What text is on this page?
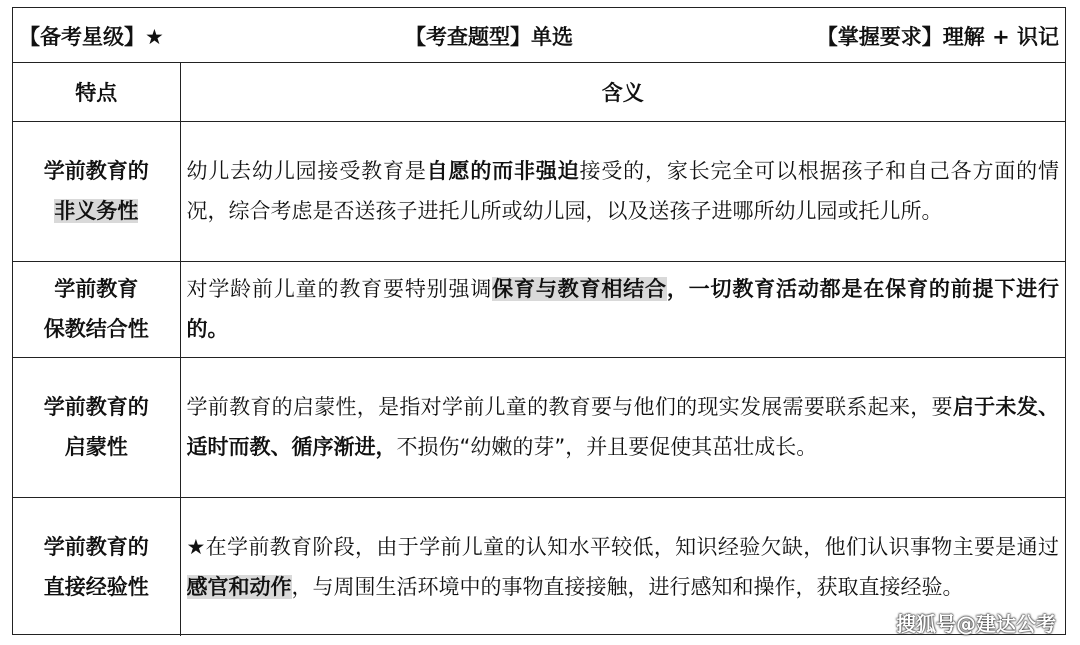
【备考星级】★	【考查题型】单选	【掌握要求】理解 + 识记
特点	含义

学前教育的
非义务性	幼儿去幼儿园接受教育是自愿的而非强迫接受的，家长完全可以根据孩子和自己各方面的情况，综合考虑是否送孩子进托儿所或幼儿园，以及送孩子进哪所幼儿园或托儿所。

学前教育
保教结合性	对学龄前儿童的教育要特别强调保育与教育相结合，一切教育活动都是在保育的前提下进行的。

学前教育的
启蒙性	学前教育的启蒙性，是指对学前儿童的教育要与他们的现实发展需要联系起来，要启于未发、适时而教、循序渐进，不损伤“幼嫩的芽”，并且要促使其茁壮成长。

学前教育的
直接经验性	★在学前教育阶段，由于学前儿童的认知水平较低，知识经验欠缺，他们认识事物主要是通过感官和动作，与周围生活环境中的事物直接接触，进行感知和操作，获取直接经验。
搜狐号@建达公考
